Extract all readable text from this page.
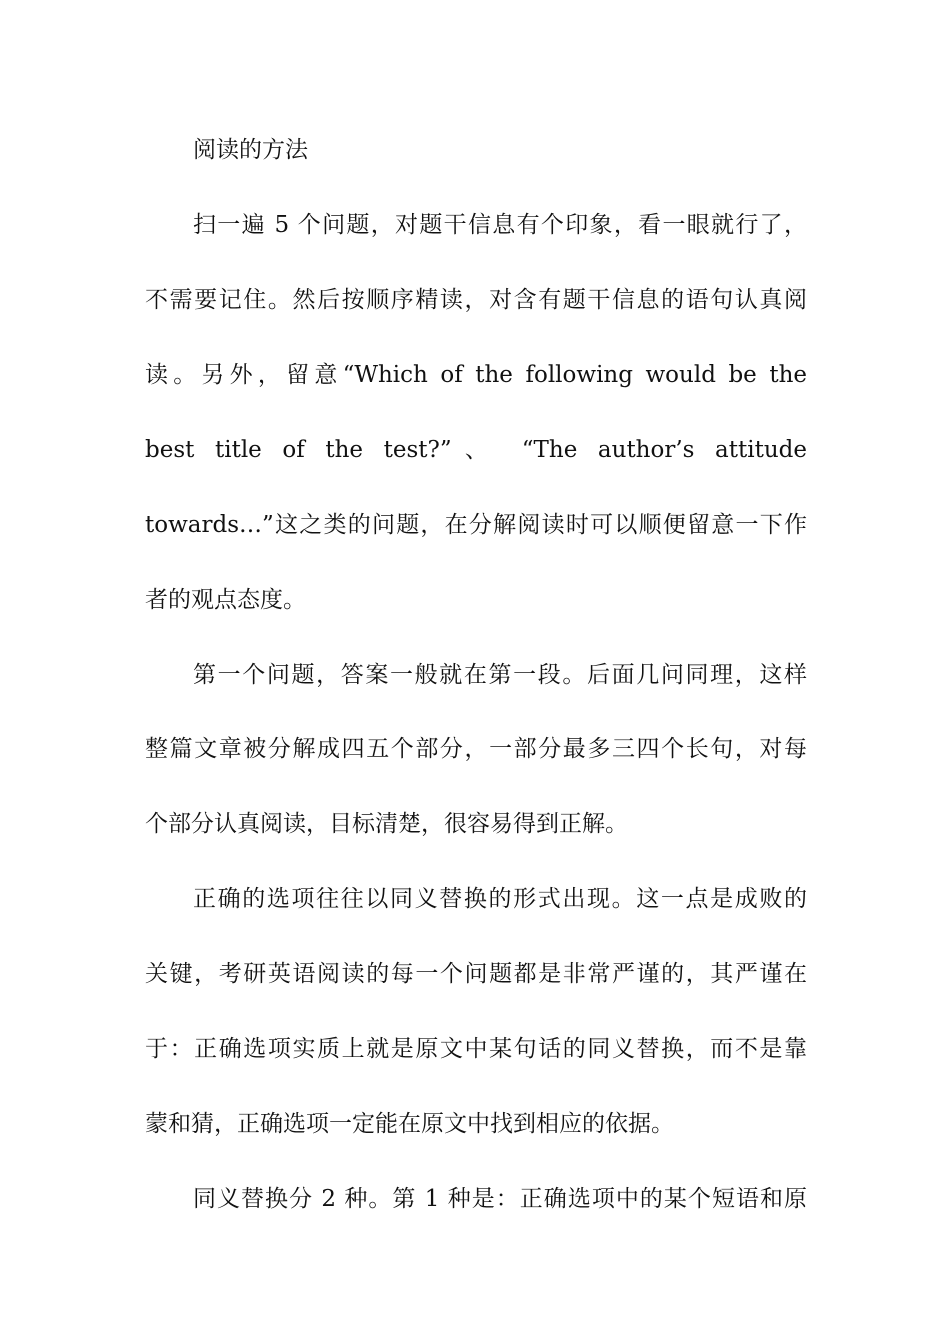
阅读的方法
扫一遍 5 个问题，对题干信息有个印象，看一眼就行了，
不需要记住。然后按顺序精读，对含有题干信息的语句认真阅
读。另外，留意“Which of the following would be the
best title of the test?”、 “The author’s attitude
towards…”这之类的问题，在分解阅读时可以顺便留意一下作
者的观点态度。
第一个问题，答案一般就在第一段。后面几问同理，这样
整篇文章被分解成四五个部分，一部分最多三四个长句，对每
个部分认真阅读，目标清楚，很容易得到正解。
正确的选项往往以同义替换的形式出现。这一点是成败的
关键，考研英语阅读的每一个问题都是非常严谨的，其严谨在
于：正确选项实质上就是原文中某句话的同义替换，而不是靠
蒙和猜，正确选项一定能在原文中找到相应的依据。
同义替换分 2 种。第 1 种是：正确选项中的某个短语和原
